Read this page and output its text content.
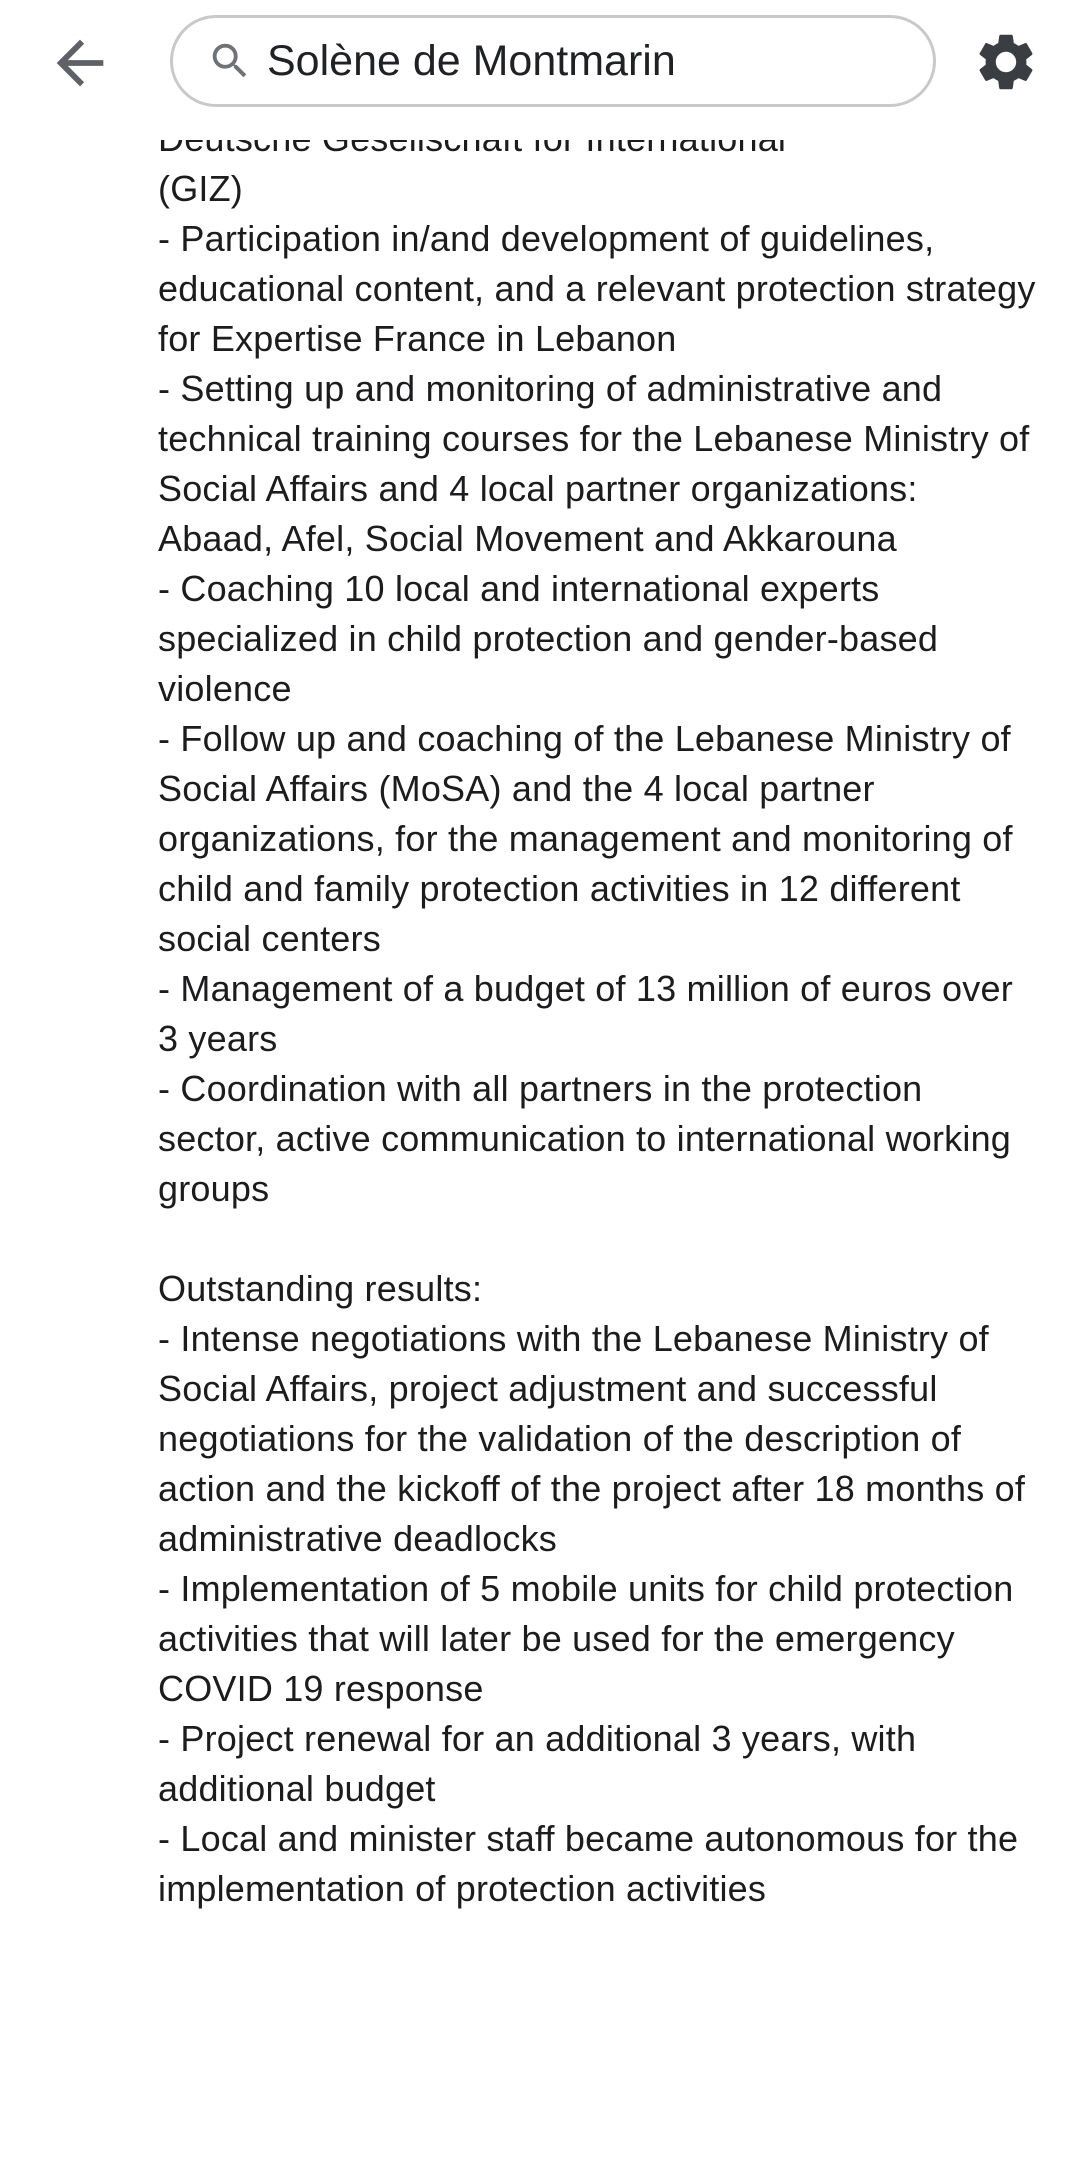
(GIZ)
- Participation in/and development of guidelines, educational content, and a relevant protection strategy for Expertise France in Lebanon
- Setting up and monitoring of administrative and technical training courses for the Lebanese Ministry of Social Affairs and 4 local partner organizations: Abaad, Afel, Social Movement and Akkarouna
- Coaching 10 local and international experts specialized in child protection and gender-based violence
- Follow up and coaching of the Lebanese Ministry of Social Affairs (MoSA) and the 4 local partner organizations, for the management and monitoring of child and family protection activities in 12 different social centers
- Management of a budget of 13 million of euros over 3 years
- Coordination with all partners in the protection sector, active communication to international working groups
Outstanding results:
- Intense negotiations with the Lebanese Ministry of Social Affairs, project adjustment and successful negotiations for the validation of the description of action and the kickoff of the project after 18 months of administrative deadlocks
- Implementation of 5 mobile units for child protection activities that will later be used for the emergency COVID 19 response
- Project renewal for an additional 3 years, with additional budget
- Local and minister staff became autonomous for the implementation of protection activities
Solène de Montmarin
